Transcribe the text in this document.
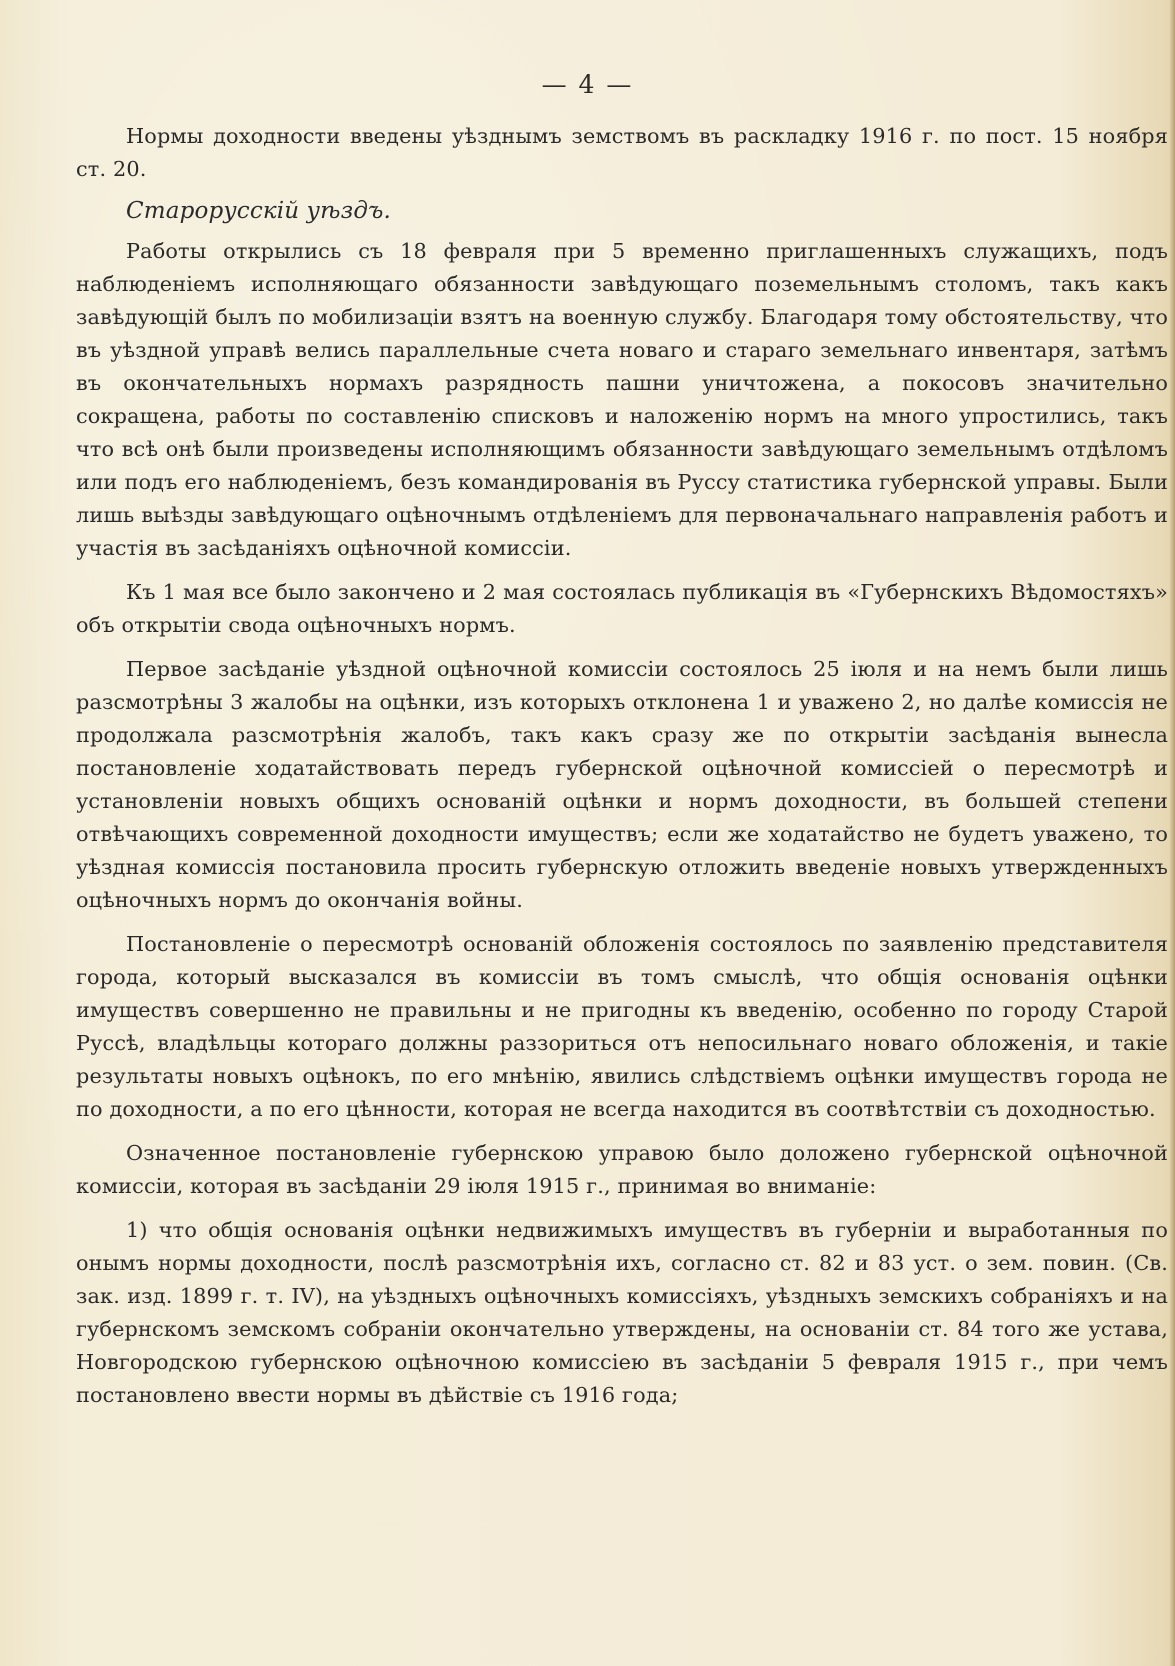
— 4 —

Нормы доходности введены уѣзднымъ земствомъ въ раскладку 1916 г. по пост. 15 ноября ст. 20.

Старорусскій уѣздъ.

Работы открылись съ 18 февраля при 5 временно приглашенныхъ служащихъ, подъ наблюденіемъ исполняющаго обязанности завѣдующаго поземельнымъ столомъ, такъ какъ завѣдующій былъ по мобилизаціи взятъ на военную службу. Благодаря тому обстоятельству, что въ уѣздной управѣ велись параллельные счета новаго и стараго земельнаго инвентаря, затѣмъ въ окончательныхъ нормахъ разрядность пашни уничтожена, а покосовъ значительно сокращена, работы по составленію списковъ и наложенію нормъ на много упростились, такъ что всѣ онѣ были произведены исполняющимъ обязанности завѣдующаго земельнымъ отдѣломъ или подъ его наблюденіемъ, безъ командированія въ Руссу статистика губернской управы. Были лишь выѣзды завѣдующаго оцѣночнымъ отдѣленіемъ для первоначальнаго направленія работъ и участія въ засѣданіяхъ оцѣночной комиссіи.

Къ 1 мая все было закончено и 2 мая состоялась публикація въ «Губернскихъ Вѣдомостяхъ» объ открытіи свода оцѣночныхъ нормъ.

Первое засѣданіе уѣздной оцѣночной комиссіи состоялось 25 іюля и на немъ были лишь разсмотрѣны 3 жалобы на оцѣнки, изъ которыхъ отклонена 1 и уважено 2, но далѣе комиссія не продолжала разсмотрѣнія жалобъ, такъ какъ сразу же по открытіи засѣданія вынесла постановленіе ходатайствовать передъ губернской оцѣночной комиссіей о пересмотрѣ и установленіи новыхъ общихъ основаній оцѣнки и нормъ доходности, въ большей степени отвѣчающихъ современной доходности имуществъ; если же ходатайство не будетъ уважено, то уѣздная комиссія постановила просить губернскую отложить введеніе новыхъ утвержденныхъ оцѣночныхъ нормъ до окончанія войны.

Постановленіе о пересмотрѣ основаній обложенія состоялось по заявленію представителя города, который высказался въ комиссіи въ томъ смыслѣ, что общія основанія оцѣнки имуществъ совершенно не правильны и не пригодны къ введенію, особенно по городу Старой Руссѣ, владѣльцы котораго должны раззориться отъ непосильнаго новаго обложенія, и такіе результаты новыхъ оцѣнокъ, по его мнѣнію, явились слѣдствіемъ оцѣнки имуществъ города не по доходности, а по его цѣнности, которая не всегда находится въ соотвѣтствіи съ доходностью.

Означенное постановленіе губернскою управою было доложено губернской оцѣночной комиссіи, которая въ засѣданіи 29 іюля 1915 г., принимая во вниманіе:

1) что общія основанія оцѣнки недвижимыхъ имуществъ въ губерніи и выработанныя по онымъ нормы доходности, послѣ разсмотрѣнія ихъ, согласно ст. 82 и 83 уст. о зем. повин. (Св. зак. изд. 1899 г. т. IV), на уѣздныхъ оцѣночныхъ комиссіяхъ, уѣздныхъ земскихъ собраніяхъ и на губернскомъ земскомъ собраніи окончательно утверждены, на основаніи ст. 84 того же устава, Новгородскою губернскою оцѣночною комиссіею въ засѣданіи 5 февраля 1915 г., при чемъ постановлено ввести нормы въ дѣйствіе съ 1916 года;
